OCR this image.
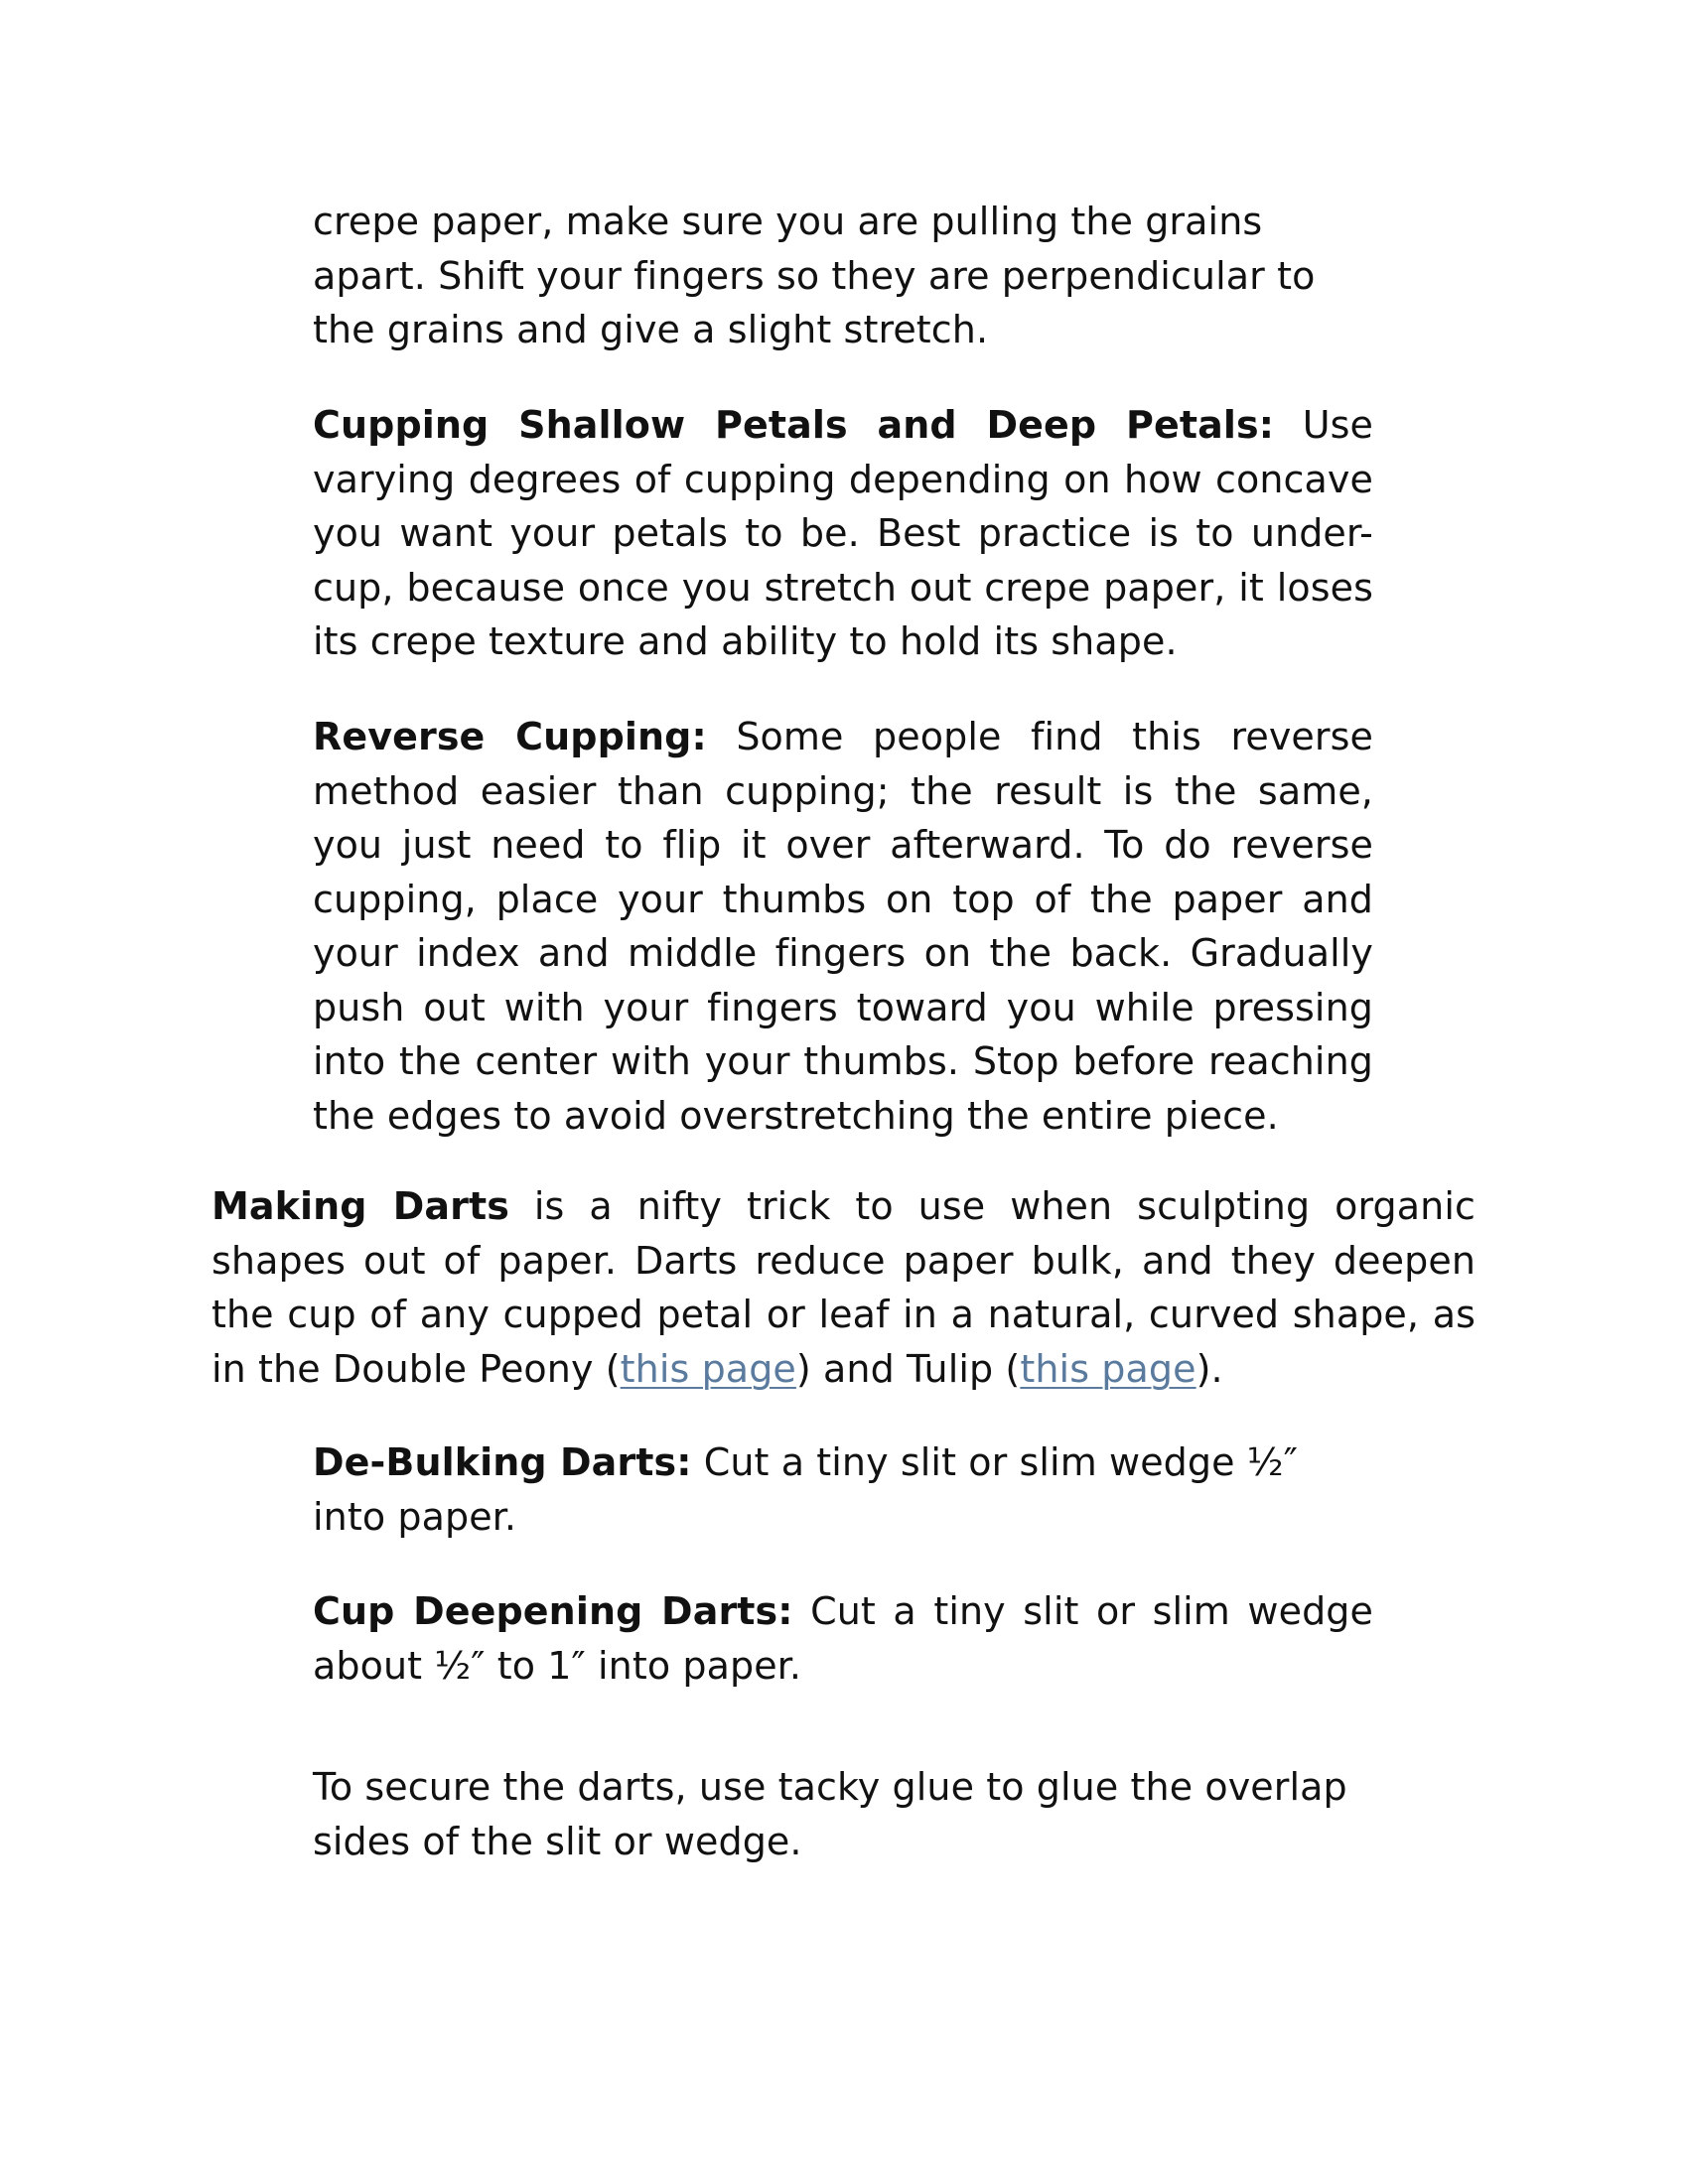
crepe paper, make sure you are pulling the grains apart. Shift your fingers so they are perpendicular to the grains and give a slight stretch.

Cupping Shallow Petals and Deep Petals: Use varying degrees of cupping depending on how concave you want your petals to be. Best practice is to under-cup, because once you stretch out crepe paper, it loses its crepe texture and ability to hold its shape.

Reverse Cupping: Some people find this reverse method easier than cupping; the result is the same, you just need to flip it over afterward. To do reverse cupping, place your thumbs on top of the paper and your index and middle fingers on the back. Gradually push out with your fingers toward you while pressing into the center with your thumbs. Stop before reaching the edges to avoid overstretching the entire piece.

Making Darts is a nifty trick to use when sculpting organic shapes out of paper. Darts reduce paper bulk, and they deepen the cup of any cupped petal or leaf in a natural, curved shape, as in the Double Peony (this page) and Tulip (this page).

De-Bulking Darts: Cut a tiny slit or slim wedge ½″ into paper.

Cup Deepening Darts: Cut a tiny slit or slim wedge about ½″ to 1″ into paper.

To secure the darts, use tacky glue to glue the overlap sides of the slit or wedge.
